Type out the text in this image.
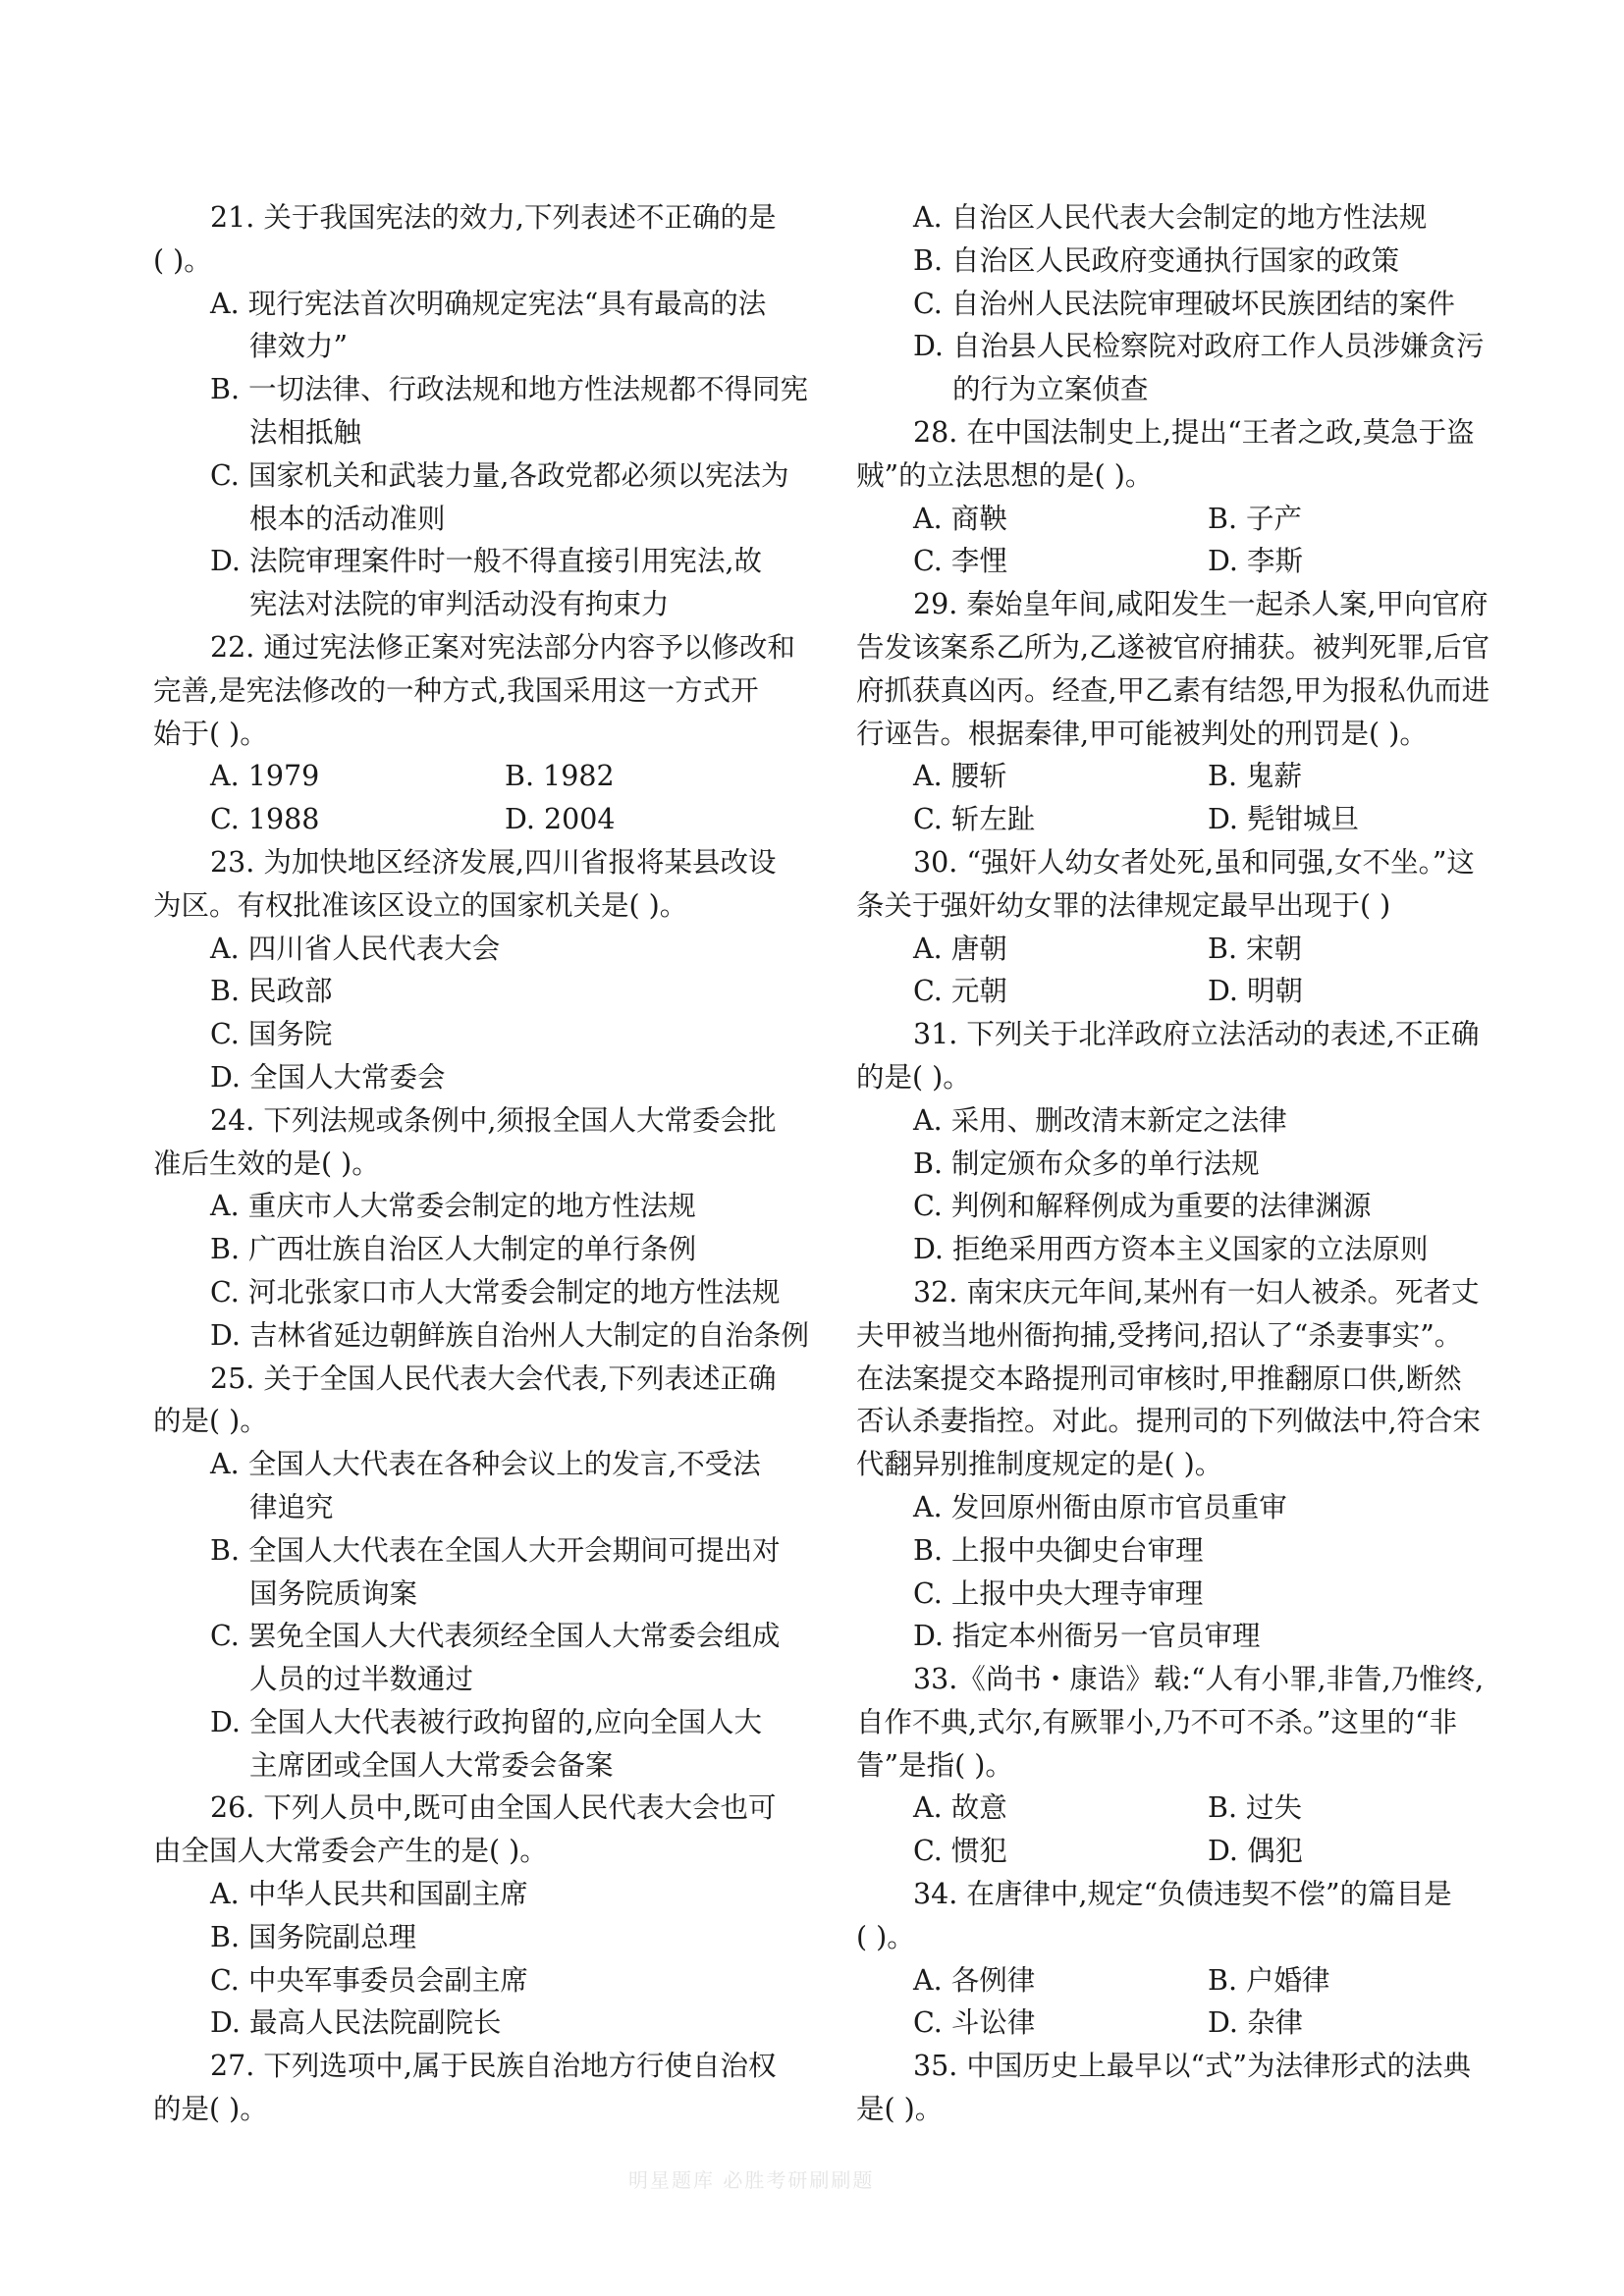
21. 关于我国宪法的效力,下列表述不正确的是
( )。
A. 现行宪法首次明确规定宪法“具有最高的法
律效力”
B. 一切法律、行政法规和地方性法规都不得同宪
法相抵触
C. 国家机关和武装力量,各政党都必须以宪法为
根本的活动准则
D. 法院审理案件时一般不得直接引用宪法,故
宪法对法院的审判活动没有拘束力
22. 通过宪法修正案对宪法部分内容予以修改和
完善,是宪法修改的一种方式,我国采用这一方式开
始于( )。
A. 1979	B. 1982
C. 1988	D. 2004
23. 为加快地区经济发展,四川省报将某县改设
为区。有权批准该区设立的国家机关是( )。
A. 四川省人民代表大会
B. 民政部
C. 国务院
D. 全国人大常委会
24. 下列法规或条例中,须报全国人大常委会批
准后生效的是( )。
A. 重庆市人大常委会制定的地方性法规
B. 广西壮族自治区人大制定的单行条例
C. 河北张家口市人大常委会制定的地方性法规
D. 吉林省延边朝鲜族自治州人大制定的自治条例
25. 关于全国人民代表大会代表,下列表述正确
的是( )。
A. 全国人大代表在各种会议上的发言,不受法
律追究
B. 全国人大代表在全国人大开会期间可提出对
国务院质询案
C. 罢免全国人大代表须经全国人大常委会组成
人员的过半数通过
D. 全国人大代表被行政拘留的,应向全国人大
主席团或全国人大常委会备案
26. 下列人员中,既可由全国人民代表大会也可
由全国人大常委会产生的是( )。
A. 中华人民共和国副主席
B. 国务院副总理
C. 中央军事委员会副主席
D. 最高人民法院副院长
27. 下列选项中,属于民族自治地方行使自治权
的是( )。
A. 自治区人民代表大会制定的地方性法规
B. 自治区人民政府变通执行国家的政策
C. 自治州人民法院审理破坏民族团结的案件
D. 自治县人民检察院对政府工作人员涉嫌贪污
的行为立案侦查
28. 在中国法制史上,提出“王者之政,莫急于盗
贼”的立法思想的是( )。
A. 商鞅	B. 子产
C. 李悝	D. 李斯
29. 秦始皇年间,咸阳发生一起杀人案,甲向官府
告发该案系乙所为,乙遂被官府捕获。被判死罪,后官
府抓获真凶丙。经查,甲乙素有结怨,甲为报私仇而进
行诬告。根据秦律,甲可能被判处的刑罚是( )。
A. 腰斩	B. 鬼薪
C. 斩左趾	D. 髡钳城旦
30. “强奸人幼女者处死,虽和同强,女不坐。”这
条关于强奸幼女罪的法律规定最早出现于( )
A. 唐朝	B. 宋朝
C. 元朝	D. 明朝
31. 下列关于北洋政府立法活动的表述,不正确
的是( )。
A. 采用、删改清末新定之法律
B. 制定颁布众多的单行法规
C. 判例和解释例成为重要的法律渊源
D. 拒绝采用西方资本主义国家的立法原则
32. 南宋庆元年间,某州有一妇人被杀。死者丈
夫甲被当地州衙拘捕,受拷问,招认了“杀妻事实”。
在法案提交本路提刑司审核时,甲推翻原口供,断然
否认杀妻指控。对此。提刑司的下列做法中,符合宋
代翻异别推制度规定的是( )。
A. 发回原州衙由原市官员重审
B. 上报中央御史台审理
C. 上报中央大理寺审理
D. 指定本州衙另一官员审理
33.《尚书・康诰》载:“人有小罪,非眚,乃惟终,
自作不典,式尔,有厥罪小,乃不可不杀。”这里的“非
眚”是指( )。
A. 故意	B. 过失
C. 惯犯	D. 偶犯
34. 在唐律中,规定“负债违契不偿”的篇目是
( )。
A. 各例律	B. 户婚律
C. 斗讼律	D. 杂律
35. 中国历史上最早以“式”为法律形式的法典
是( )。
明星题库 必胜考研刷刷题
